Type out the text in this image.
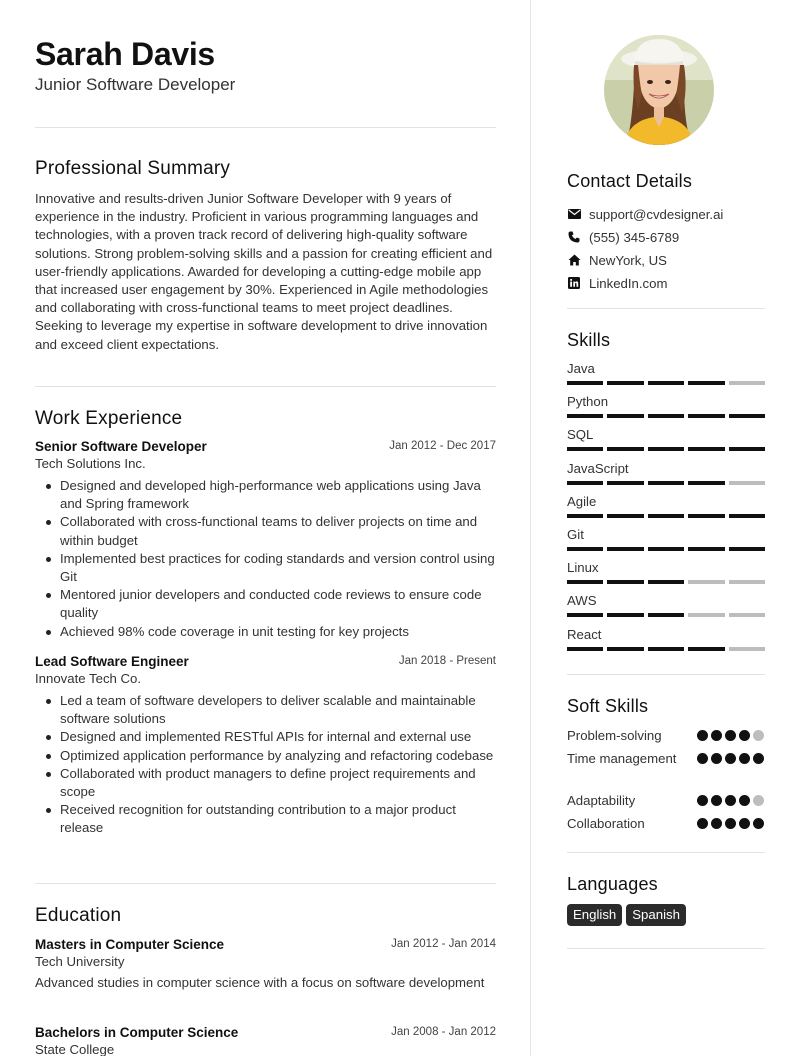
Sarah Davis
Junior Software Developer
Professional Summary
Innovative and results-driven Junior Software Developer with 9 years of experience in the industry. Proficient in various programming languages and technologies, with a proven track record of delivering high-quality software solutions. Strong problem-solving skills and a passion for creating efficient and user-friendly applications. Awarded for developing a cutting-edge mobile app that increased user engagement by 30%. Experienced in Agile methodologies and collaborating with cross-functional teams to meet project deadlines. Seeking to leverage my expertise in software development to drive innovation and exceed client expectations.
Work Experience
Senior Software Developer	Jan 2012 - Dec 2017
Tech Solutions Inc.
Designed and developed high-performance web applications using Java and Spring framework
Collaborated with cross-functional teams to deliver projects on time and within budget
Implemented best practices for coding standards and version control using Git
Mentored junior developers and conducted code reviews to ensure code quality
Achieved 98% code coverage in unit testing for key projects
Lead Software Engineer	Jan 2018 - Present
Innovate Tech Co.
Led a team of software developers to deliver scalable and maintainable software solutions
Designed and implemented RESTful APIs for internal and external use
Optimized application performance by analyzing and refactoring codebase
Collaborated with product managers to define project requirements and scope
Received recognition for outstanding contribution to a major product release
Education
Masters in Computer Science	Jan 2012 - Jan 2014
Tech University
Advanced studies in computer science with a focus on software development
Bachelors in Computer Science	Jan 2008 - Jan 2012
State College
Contact Details
support@cvdesigner.ai
(555) 345-6789
NewYork, US
LinkedIn.com
Skills
Java
Python
SQL
JavaScript
Agile
Git
Linux
AWS
React
Soft Skills
Problem-solving
Time management
Adaptability
Collaboration
Languages
English	Spanish
